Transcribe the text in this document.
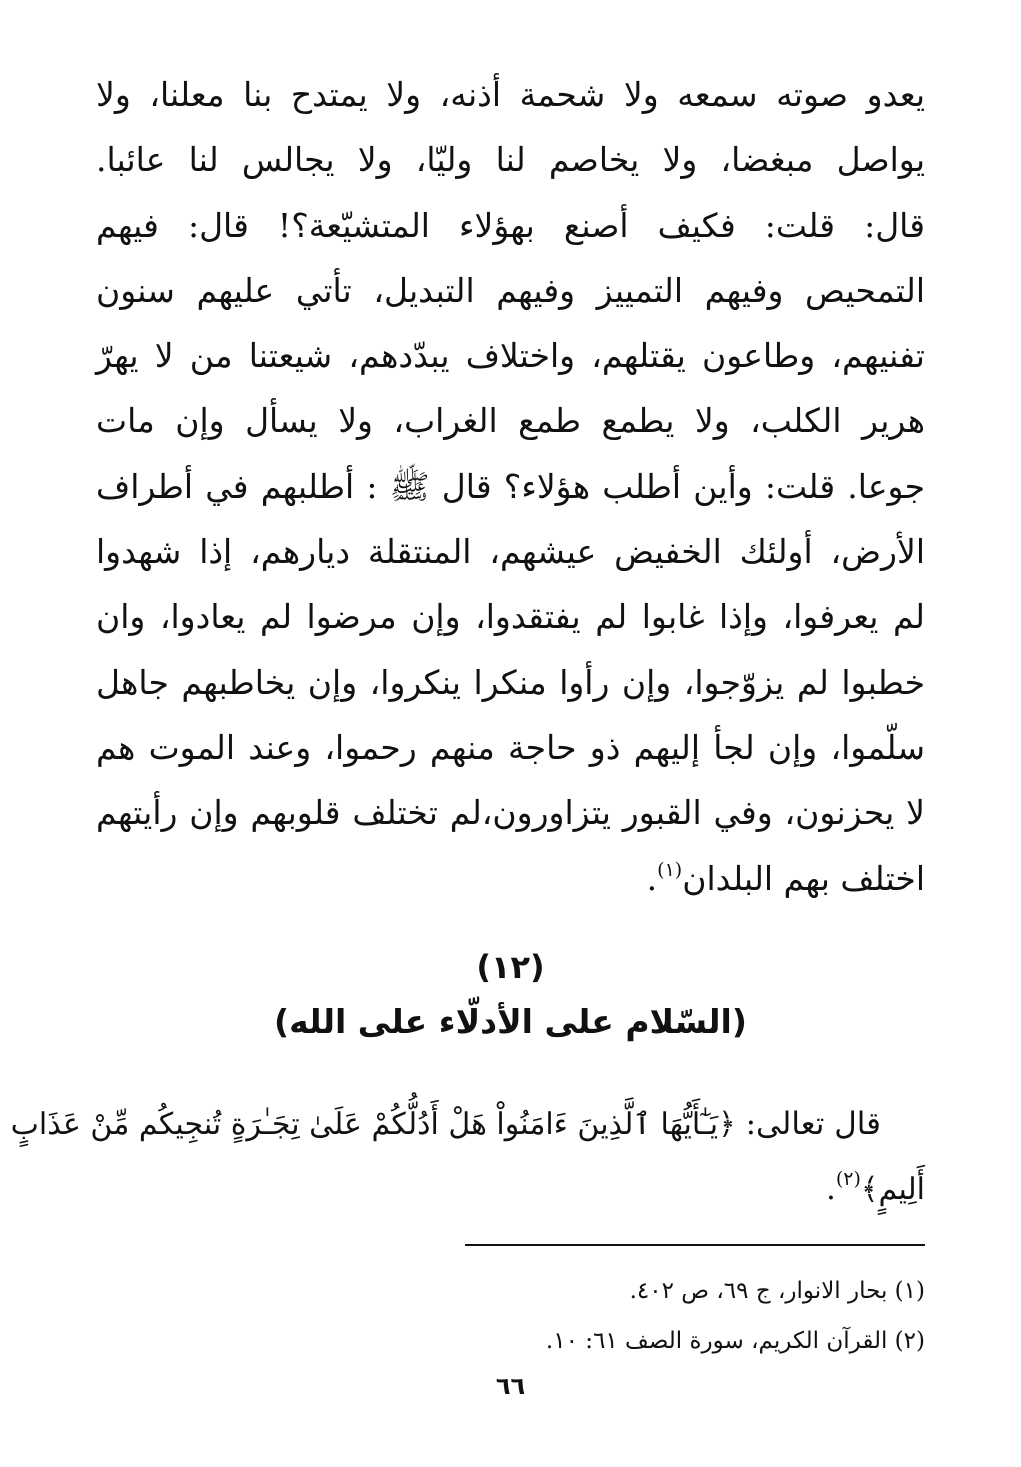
يعدو صوته سمعه ولا شحمة أذنه، ولا يمتدح بنا معلنا، ولا
يواصل مبغضا، ولا يخاصم لنا وليّا، ولا يجالس لنا عائبا.
قال: قلت: فكيف أصنع بهؤلاء المتشيّعة؟! قال: فيهم
التمحيص وفيهم التمييز وفيهم التبديل، تأتي عليهم سنون
تفنيهم، وطاعون يقتلهم، واختلاف يبدّدهم، شيعتنا من لا يهرّ
هرير الكلب، ولا يطمع طمع الغراب، ولا يسأل وإن مات
جوعا. قلت: وأين أطلب هؤلاء؟ قال ﷺ : أطلبهم في أطراف
الأرض، أولئك الخفيض عيشهم، المنتقلة ديارهم، إذا شهدوا
لم يعرفوا، وإذا غابوا لم يفتقدوا، وإن مرضوا لم يعادوا، وان
خطبوا لم يزوّجوا، وإن رأوا منكرا ينكروا، وإن يخاطبهم جاهل
سلّموا، وإن لجأ إليهم ذو حاجة منهم رحموا، وعند الموت هم
لا يحزنون، وفي القبور يتزاورون،لم تختلف قلوبهم وإن رأيتهم
اختلف بهم البلدان$^{(١)}$.
(١٢)
(السّلام على الأدلّاء على الله)
قال تعالى: ﴿يَـٰٓأَيُّهَا ٱلَّذِينَ ءَامَنُواْ هَلْ أَدُلُّكُمْ عَلَىٰ تِجَـٰرَةٍ تُنجِيكُم مِّنْ عَذَابٍ
أَلِيمٍ﴾$^{(٢)}$.
(١) بحار الانوار، ج ٦٩، ص ٤٠٢.
(٢) القرآن الكريم، سورة الصف ٦١: ١٠.
٦٦
